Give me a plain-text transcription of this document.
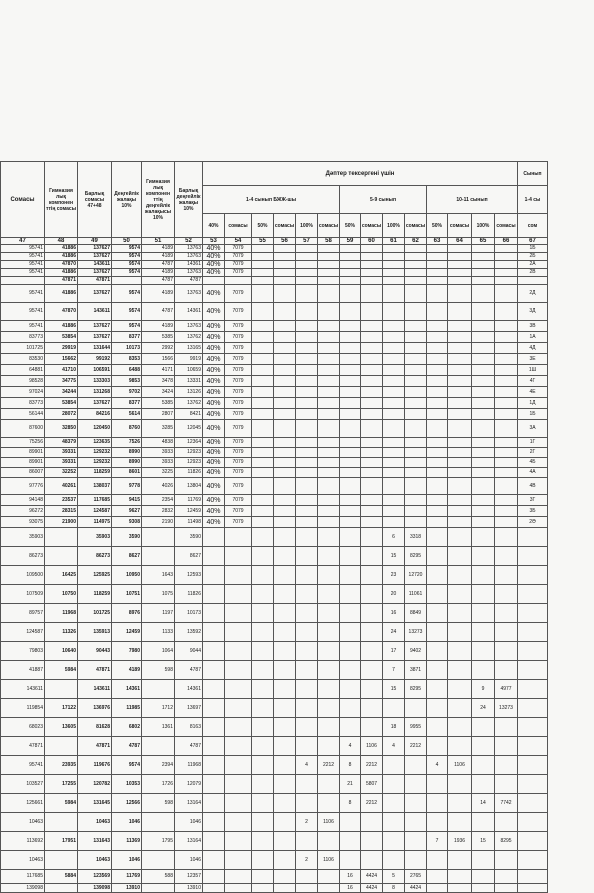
Сомасы	Гимназия лық компонен ттің сомасы	Барлық сомасы 47+48	Деңгейлік жалақы 10%	Гимназия лық компонен ттің деңгейлік жалақысы 10%	Барлық деңгейлік жалақы 10%	Дәптер тексергені үшін														Сынып
						1-4 сынып БЖЖ-шы						5-9 сынып				10-11 сынып				1-4 сы
						40%	сомасы	50%	сомасы	100%	сомасы	50%	сомасы	100%	сомасы	50%	сомасы	100%	сомасы	сом
47	48	49	50	51	52	53	54	55	56	57	58	59	60	61	62	63	64	65	66	67
95741	41886	137627	9574	4189	13763	40%	7079													1Б
95741	41886	137627	9574	4189	13763	40%	7079													2Б
95741	47870	143611	9574	4787	14361	40%	7079													2А
95741	41886	137627	9574	4189	13763	40%	7079													2В
	47871	47871		4787	4787															
95741	41886	137627	9574	4189	13763	40%	7079													2Д
95741	47870	143611	9574	4787	14361	40%	7079													3Д
95741	41886	137627	9574	4189	13763	40%	7079													3В
83773	53854	137627	8377	5385	13762	40%	7079													1А
101725	29919	131644	10173	2992	13165	40%	7079													4Д
83530	15662	99192	8353	1566	9919	40%	7079													3Е
64881	41710	106591	6488	4171	10659	40%	7079													1Ш
98528	34775	133303	9853	3478	13331	40%	7079													4Г
97024	34244	131268	9702	3424	13126	40%	7079													4Е
83773	53854	137627	8377	5385	13762	40%	7079													1Д
56144	28072	84216	5614	2807	8421	40%	7079													1Б
87600	32850	120450	8760	3285	12045	40%	7079													3А
75256	48379	123635	7526	4838	12364	40%	7079													1Г
89901	39331	129232	8990	3933	12923	40%	7079													2Г
89901	39331	129232	8990	3933	12923	40%	7079													4Б
86007	32252	118259	8601	3225	11826	40%	7079													4А
97776	40261	138037	9778	4026	13804	40%	7079													4В
94148	23537	117685	9415	2354	11769	40%	7079													3Г
96272	28315	124587	9627	2832	12459	40%	7079													3Б
93075	21900	114975	9308	2190	11498	40%	7079													2Ә
35903		35903	3590		3590									6	3318					
86273		86273	8627		8627									15	8295					
109500	16425	125925	10950	1643	12593									23	12720					
107509	10750	118259	10751	1075	11826									20	11061					
89757	11968	101725	8976	1197	10173									16	8849					
124587	11326	135913	12459	1133	13592									24	13273					
79803	10640	90443	7980	1064	9044									17	9402					
41887	5984	47871	4189	598	4787									7	3871					
143611		143611	14361		14361									15	8295			9	4977	
119854	17122	136976	11985	1712	13697													24	13273	
68023	13605	81628	6802	1361	8163									18	9955					
47871		47871	4787		4787							4	1106	4	2212					
95741	23935	119676	9574	2394	11968					4	2212	8	2212			4	1106			
103527	17255	120782	10353	1726	12079							21	5807							
125661	5984	131645	12566	598	13164							8	2212					14	7742	
10463		10463	1046		1046					2	1106									
113692	17951	131643	11369	1795	13164											7	1936	15	8295	
10463		10463	1046		1046					2	1106									
117685	5884	123569	11769	588	12357							16	4424	5	2765					
139098		139098	13910		13910							16	4424	8	4424					
